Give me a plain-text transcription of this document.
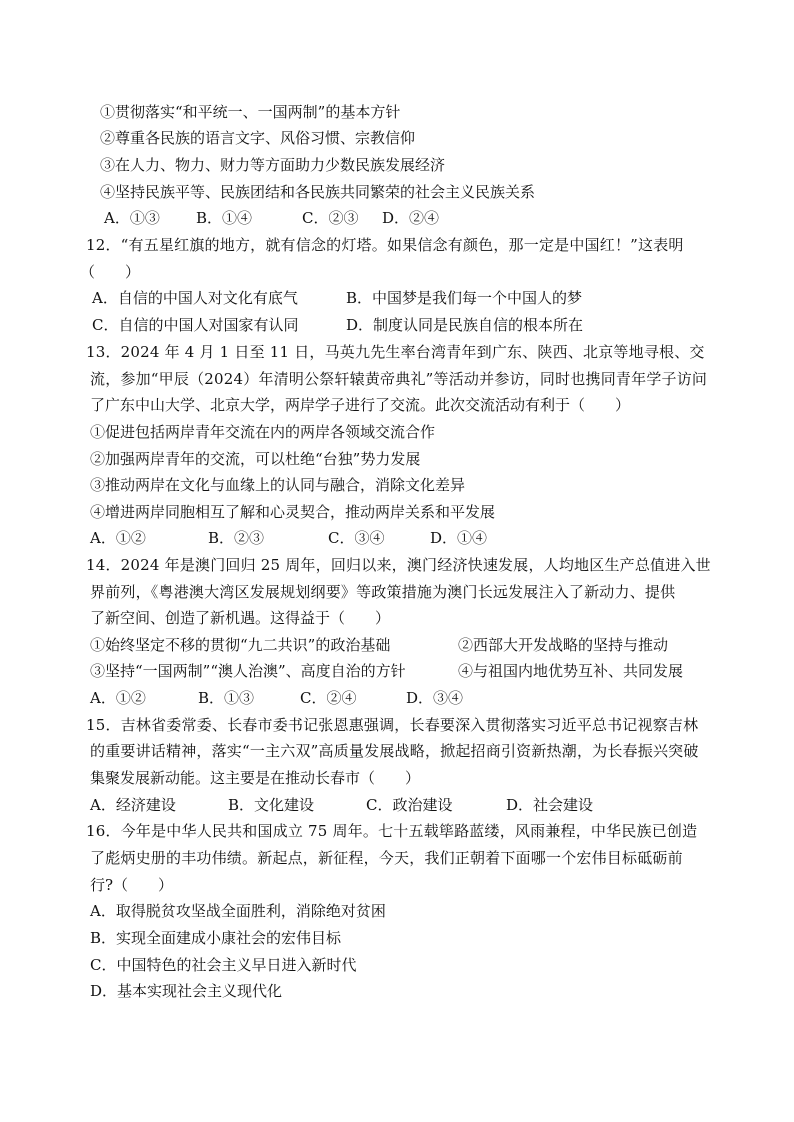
①贯彻落实“和平统一、一国两制”的基本方针
②尊重各民族的语言文字、风俗习惯、宗教信仰
③在人力、物力、财力等方面助力少数民族发展经济
④坚持民族平等、民族团结和各民族共同繁荣的社会主义民族关系
A．①③ B．①④	C．②③ D．②④
12．“有五星红旗的地方，就有信念的灯塔。如果信念有颜色，那一定是中国红！”这表明
（　　）
A．自信的中国人对文化有底气	B．中国梦是我们每一个中国人的梦
C．自信的中国人对国家有认同	D．制度认同是民族自信的根本所在
13．2024 年 4 月 1 日至 11 日，马英九先生率台湾青年到广东、陕西、北京等地寻根、交
流，参加“甲辰（2024）年清明公祭轩辕黄帝典礼”等活动并参访，同时也携同青年学子访问
了广东中山大学、北京大学，两岸学子进行了交流。此次交流活动有利于（　　）
①促进包括两岸青年交流在内的两岸各领域交流合作
②加强两岸青年的交流，可以杜绝“台独”势力发展
③推动两岸在文化与血缘上的认同与融合，消除文化差异
④增进两岸同胞相互了解和心灵契合，推动两岸关系和平发展
A．①②	B．②③	C．③④	D．①④
14．2024 年是澳门回归 25 周年，回归以来，澳门经济快速发展，人均地区生产总值进入世
界前列，《粤港澳大湾区发展规划纲要》等政策措施为澳门长远发展注入了新动力、提供
了新空间、创造了新机遇。这得益于（　　）
①始终坚定不移的贯彻“九二共识”的政治基础	②西部大开发战略的坚持与推动
③坚持“一国两制”“澳人治澳”、高度自治的方针	④与祖国内地优势互补、共同发展
A．①②	B．①③	C．②④	D．③④
15．吉林省委常委、长春市委书记张恩惠强调，长春要深入贯彻落实习近平总书记视察吉林
的重要讲话精神，落实“一主六双”高质量发展战略，掀起招商引资新热潮，为长春振兴突破
集聚发展新动能。这主要是在推动长春市（　　）
A．经济建设	B．文化建设	C．政治建设	D．社会建设
16．今年是中华人民共和国成立 75 周年。七十五载筚路蓝缕，风雨兼程，中华民族已创造
了彪炳史册的丰功伟绩。新起点，新征程，今天，我们正朝着下面哪一个宏伟目标砥砺前
行?（　　）
A．取得脱贫攻坚战全面胜利，消除绝对贫困
B．实现全面建成小康社会的宏伟目标
C．中国特色的社会主义早日进入新时代
D．基本实现社会主义现代化
